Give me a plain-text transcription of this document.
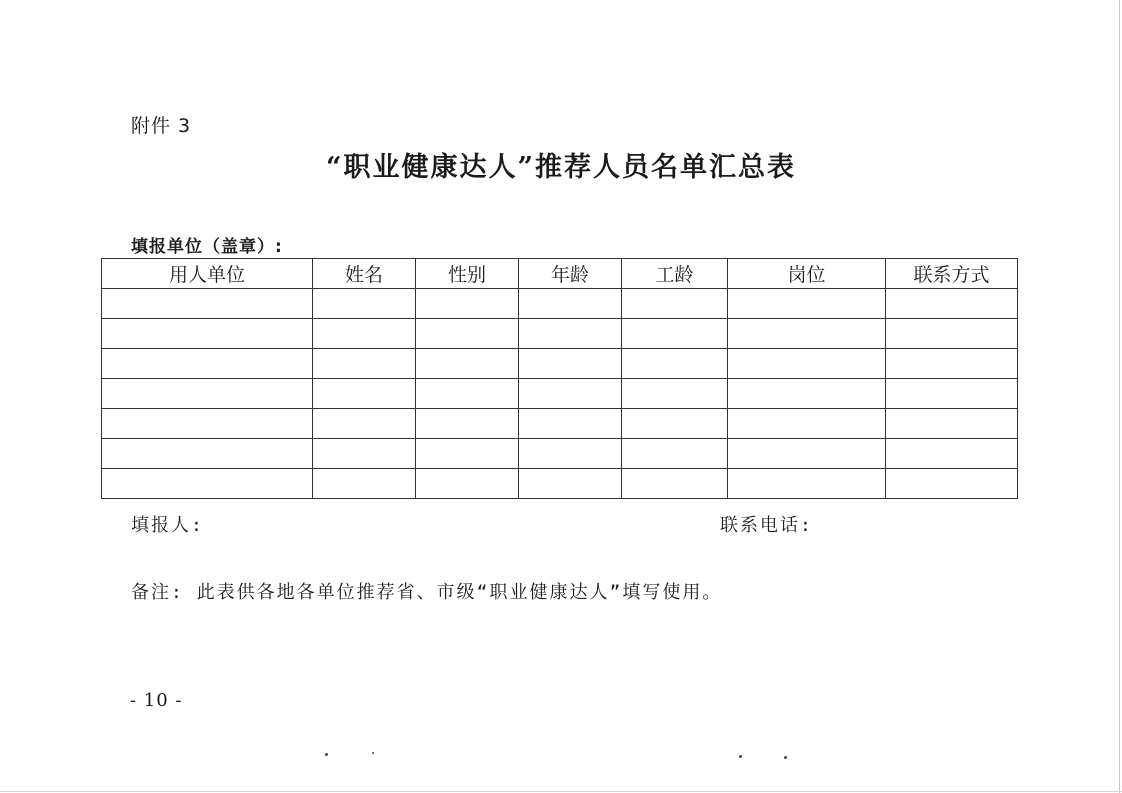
附件 3
“职业健康达人”推荐人员名单汇总表
填报单位（盖章）:
用人单位	姓名	性别	年龄	工龄	岗位	联系方式

填报人:	联系电话:
备注: 此表供各地各单位推荐省、市级“职业健康达人”填写使用。
- 10 -
